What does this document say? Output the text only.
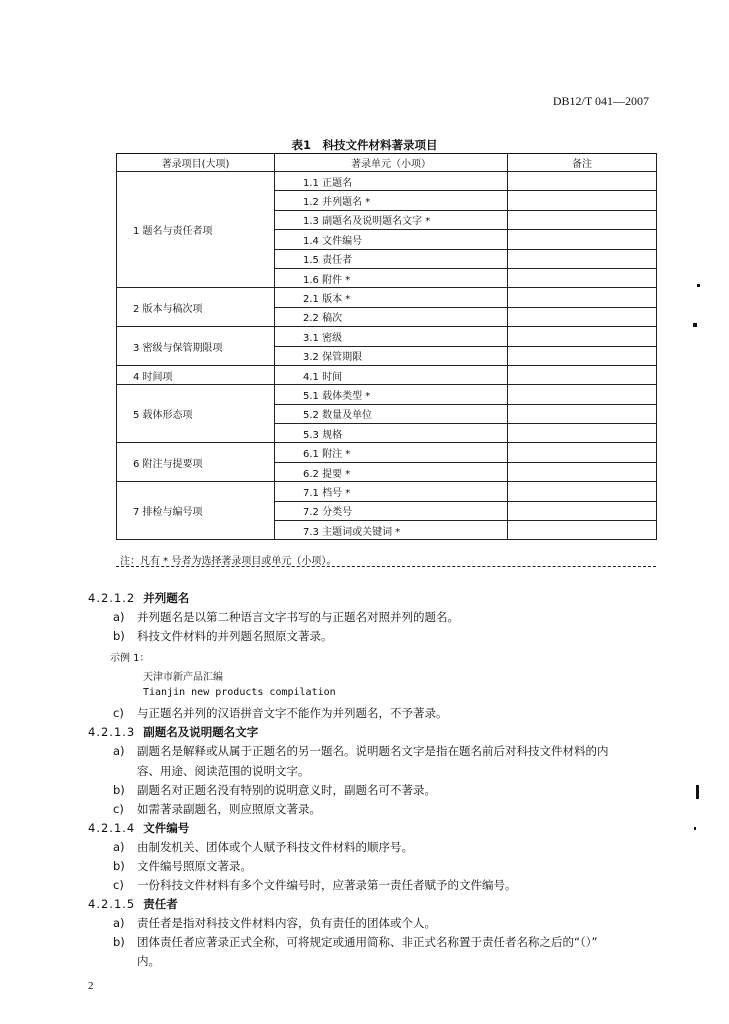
DB12/T 041—2007
表1　科技文件材料著录项目
著录项目(大项)	著录单元（小项）	备注
1 题名与责任者项	1.1 正题名	
	1.2 并列题名 *	
	1.3 副题名及说明题名文字 *	
	1.4 文件编号	
	1.5 责任者	
	1.6 附件 *	
2 版本与稿次项	2.1 版本 *	
	2.2 稿次	
3 密级与保管期限项	3.1 密级	
	3.2 保管期限	
4 时间项	4.1 时间	
5 载体形态项	5.1 载体类型 *	
	5.2 数量及单位	
	5.3 规格	
6 附注与提要项	6.1 附注 *	
	6.2 提要 *	
7 排检与编号项	7.1 档号 *	
	7.2 分类号	
	7.3 主题词或关键词 *	
注：凡有 * 号者为选择著录项目或单元（小项）。
4.2.1.2 并列题名
a) 并列题名是以第二种语言文字书写的与正题名对照并列的题名。
b) 科技文件材料的并列题名照原文著录。
示例 1：
天津市新产品汇编
Tianjin new products compilation
c) 与正题名并列的汉语拼音文字不能作为并列题名，不予著录。
4.2.1.3 副题名及说明题名文字
a) 副题名是解释或从属于正题名的另一题名。说明题名文字是指在题名前后对科技文件材料的内
容、用途、阅读范围的说明文字。
b) 副题名对正题名没有特别的说明意义时，副题名可不著录。
c) 如需著录副题名，则应照原文著录。
4.2.1.4 文件编号
a) 由制发机关、团体或个人赋予科技文件材料的顺序号。
b) 文件编号照原文著录。
c) 一份科技文件材料有多个文件编号时，应著录第一责任者赋予的文件编号。
4.2.1.5 责任者
a) 责任者是指对科技文件材料内容，负有责任的团体或个人。
b) 团体责任者应著录正式全称，可将规定或通用简称、非正式名称置于责任者名称之后的“（）”
内。
2
